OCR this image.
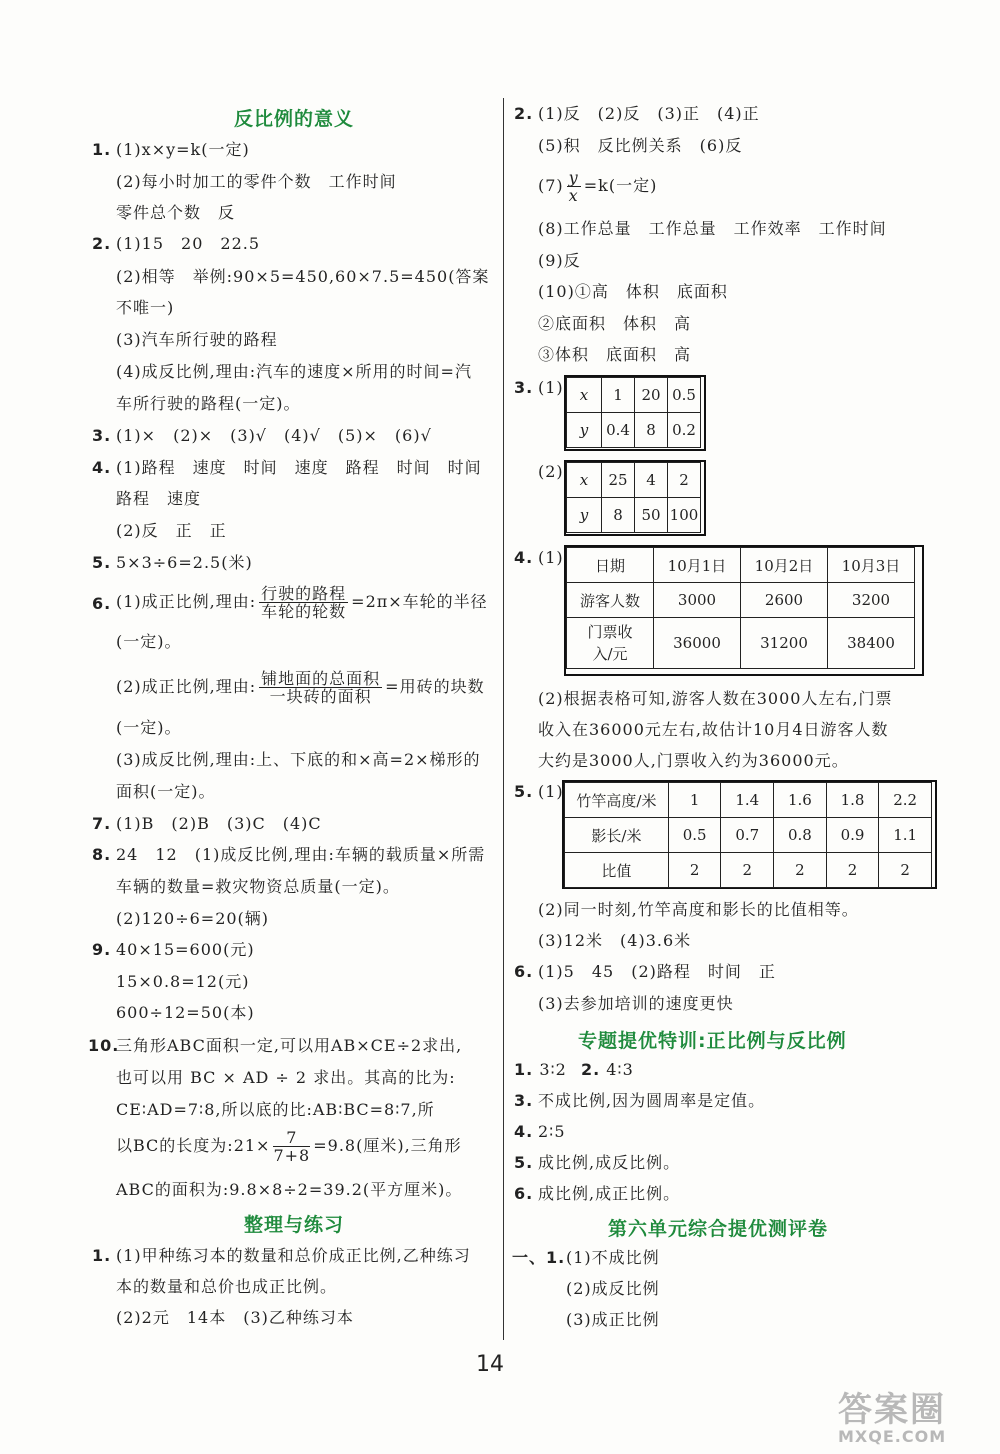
反比例的意义
1. (1)x×y=k(一定)
(2)每小时加工的零件个数　工作时间
零件总个数　反
2. (1)15　20　22.5
(2)相等　举例:90×5=450,60×7.5=450(答案
不唯一)
(3)汽车所行驶的路程
(4)成反比例,理由:汽车的速度×所用的时间=汽
车所行驶的路程(一定)。
3. (1)×　(2)×　(3)√　(4)√　(5)×　(6)√
4. (1)路程　速度　时间　速度　路程　时间　时间
路程　速度
(2)反　正　正
5. 5×3÷6=2.5(米)
6. (1)成正比例,理由: $\frac{\text{行驶的路程}}{\text{车轮的轮数}} =2\pi\times$车轮的半径
(一定)。
(2)成正比例,理由: $\frac{\text{铺地面的总面积}}{\text{一块砖的面积}}$ =用砖的块数
(一定)。
(3)成反比例,理由:上、下底的和×高=2×梯形的
面积(一定)。
7. (1)B　(2)B　(3)C　(4)C
8. 24　12　(1)成反比例,理由:车辆的载质量×所需
车辆的数量=救灾物资总质量(一定)。
(2)120÷6=20(辆)
9. 40×15=600(元)
15×0.8=12(元)
600÷12=50(本)
10.
三角形ABC面积一定,可以用AB×CE÷2求出,
也可以用 BC × AD ÷ 2 求出。其高的比为:
CE∶AD=7∶8,所以底的比:AB∶BC=8∶7,所
以BC的长度为:21× $\frac{7}{7+8} =9.8$(厘米),三角形
ABC的面积为:9.8×8÷2=39.2(平方厘米)。
整理与练习
1. (1)甲种练习本的数量和总价成正比例,乙种练习
本的数量和总价也成正比例。
(2)2元　14本　(3)乙种练习本
2. (1)反　(2)反　(3)正　(4)正
(5)积　反比例关系　(6)反
$(7) \frac{y}{x} =k$(一定)
(8)工作总量　工作总量　工作效率　工作时间
(9)反
(10)①高　体积　底面积
②底面积　体积　高
③体积　底面积　高
3. (1) x	1	20	0.5
y	0.4	8	0.2
(2) x	25	4	2
y	8	50	100
4. (1) 日期	10月1日	10月2日	10月3日
游客人数	3000	2600	3200
门票收入/元	36000	31200	38400
(2)根据表格可知,游客人数在3000人左右,门票
收入在36000元左右,故估计10月4日游客人数
大约是3000人,门票收入约为36000元。
5. (1) 竹竿高度/米	1	1.4	1.6	1.8	2.2
影长/米	0.5	0.7	0.8	0.9	1.1
比值	2	2	2	2	2
(2)同一时刻,竹竿高度和影长的比值相等。
(3)12米　(4)3.6米
6. (1)5　45　(2)路程　时间　正
(3)去参加培训的速度更快
专题提优特训:正比例与反比例
1. 3∶2 2. 4∶3
3. 不成比例,因为圆周率是定值。
4. 2∶5
5. 成比例,成反比例。
6. 成比例,成正比例。
第六单元综合提优测评卷
一、1. (1)不成比例
(2)成反比例
(3)成正比例
14
答案圈
MXQE.COM
